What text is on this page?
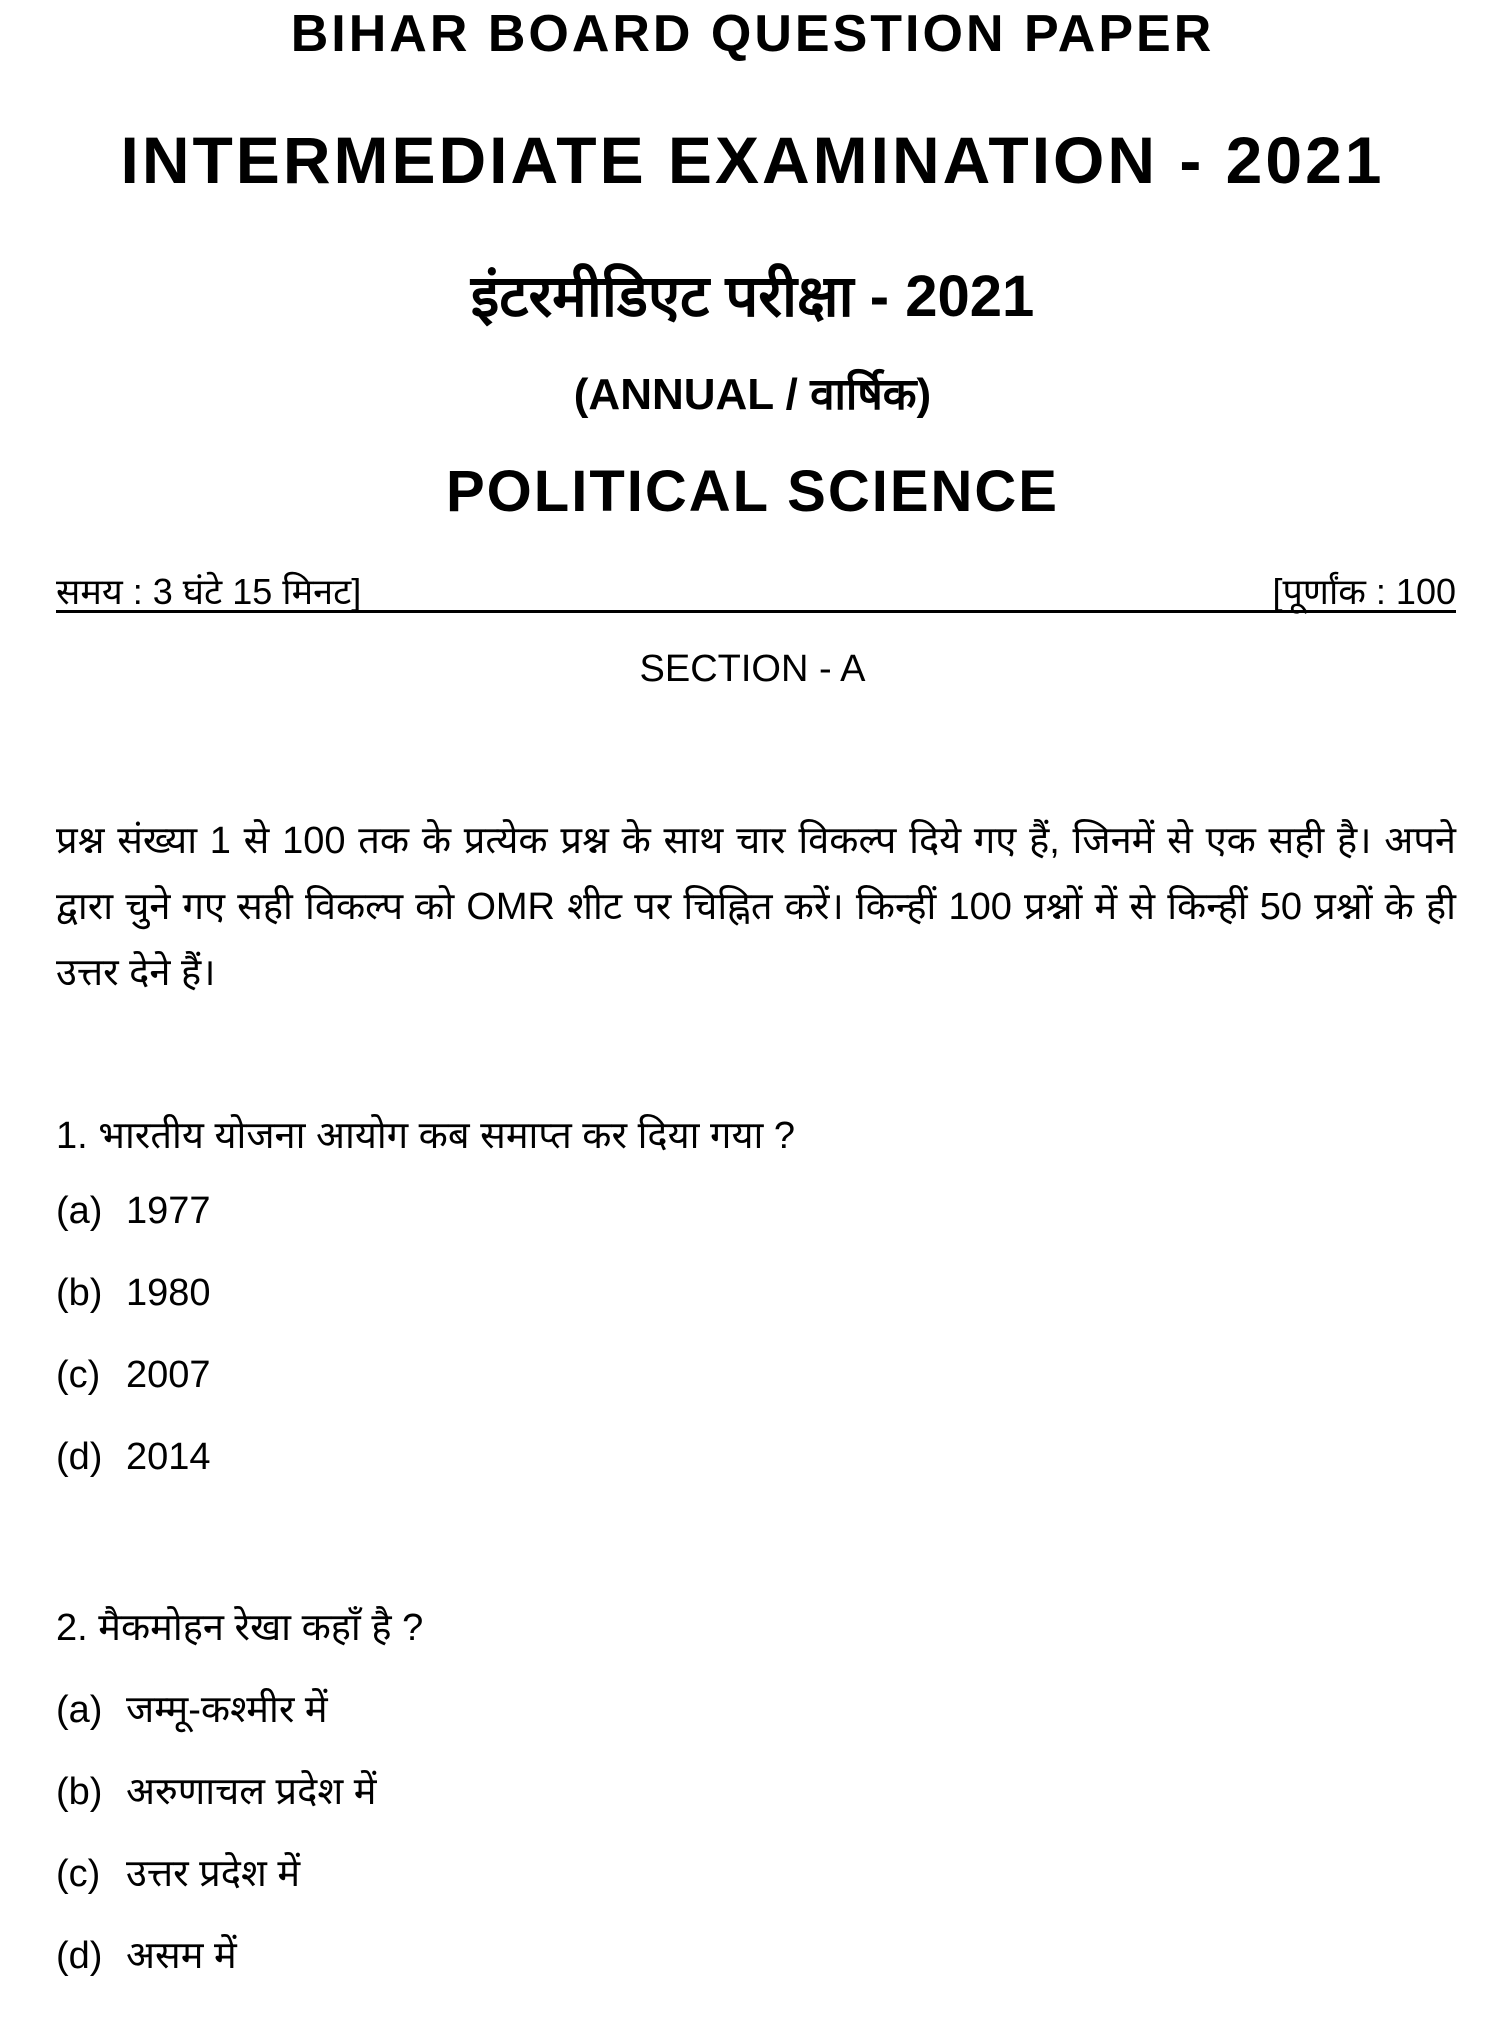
BIHAR BOARD QUESTION PAPER
INTERMEDIATE EXAMINATION - 2021
इंटरमीडिएट परीक्षा - 2021
(ANNUAL / वार्षिक)
POLITICAL SCIENCE
समय : 3 घंटे 15 मिनट]	[पूर्णांक : 100
SECTION - A
प्रश्न संख्या 1 से 100 तक के प्रत्येक प्रश्न के साथ चार विकल्प दिये गए हैं, जिनमें से एक सही है। अपने द्वारा चुने गए सही विकल्प को OMR शीट पर चिह्नित करें। किन्हीं 100 प्रश्नों में से किन्हीं 50 प्रश्नों के ही उत्तर देने हैं।
1. भारतीय योजना आयोग कब समाप्त कर दिया गया ?
(a) 1977
(b) 1980
(c) 2007
(d) 2014
2. मैकमोहन रेखा कहाँ है ?
(a) जम्मू-कश्मीर में
(b) अरुणाचल प्रदेश में
(c) उत्तर प्रदेश में
(d) असम में
